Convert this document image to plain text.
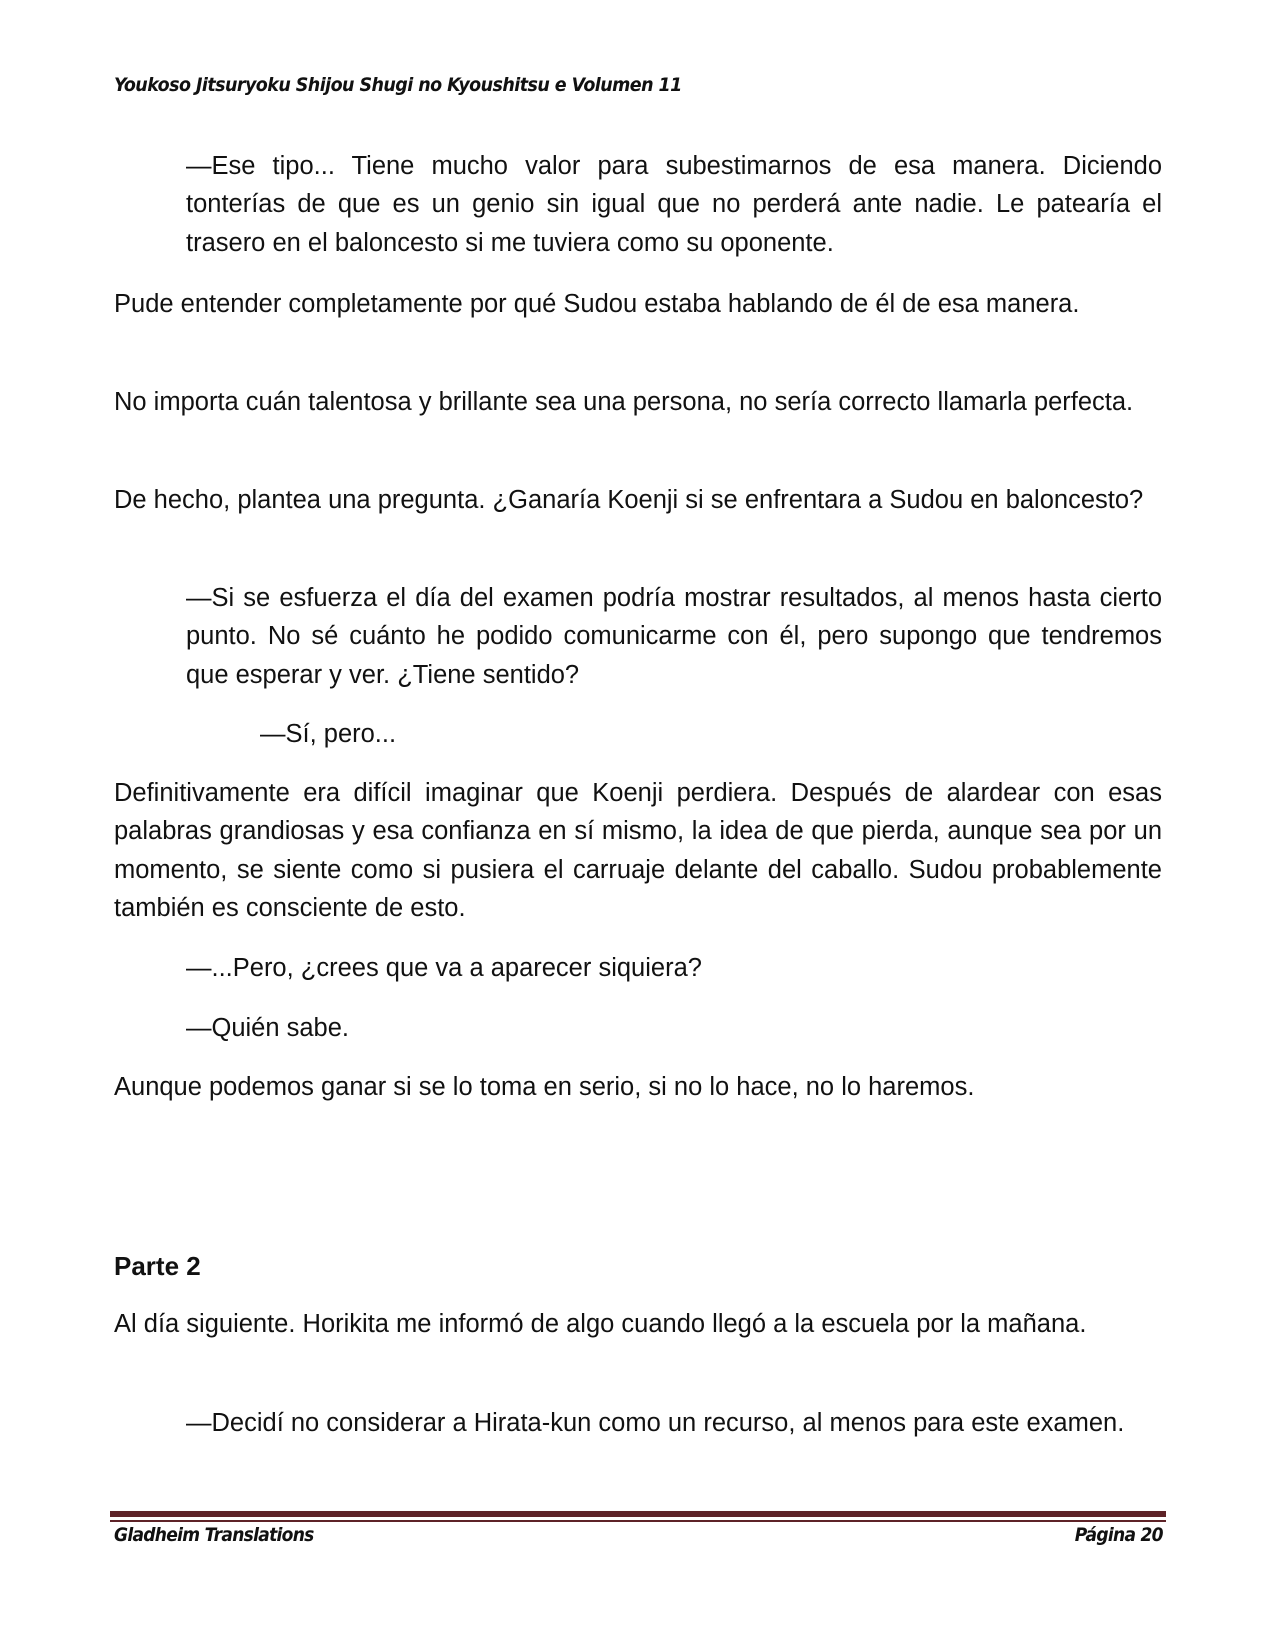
Youkoso Jitsuryoku Shijou Shugi no Kyoushitsu e Volumen 11

—Ese tipo... Tiene mucho valor para subestimarnos de esa manera. Diciendo tonterías de que es un genio sin igual que no perderá ante nadie. Le patearía el trasero en el baloncesto si me tuviera como su oponente.

Pude entender completamente por qué Sudou estaba hablando de él de esa manera.

No importa cuán talentosa y brillante sea una persona, no sería correcto llamarla perfecta.

De hecho, plantea una pregunta. ¿Ganaría Koenji si se enfrentara a Sudou en baloncesto?

—Si se esfuerza el día del examen podría mostrar resultados, al menos hasta cierto punto. No sé cuánto he podido comunicarme con él, pero supongo que tendremos que esperar y ver. ¿Tiene sentido?

—Sí, pero...

Definitivamente era difícil imaginar que Koenji perdiera. Después de alardear con esas palabras grandiosas y esa confianza en sí mismo, la idea de que pierda, aunque sea por un momento, se siente como si pusiera el carruaje delante del caballo. Sudou probablemente también es consciente de esto.

—...Pero, ¿crees que va a aparecer siquiera?

—Quién sabe.

Aunque podemos ganar si se lo toma en serio, si no lo hace, no lo haremos.

Parte 2

Al día siguiente. Horikita me informó de algo cuando llegó a la escuela por la mañana.

—Decidí no considerar a Hirata-kun como un recurso, al menos para este examen.

Gladheim Translations	Página 20
